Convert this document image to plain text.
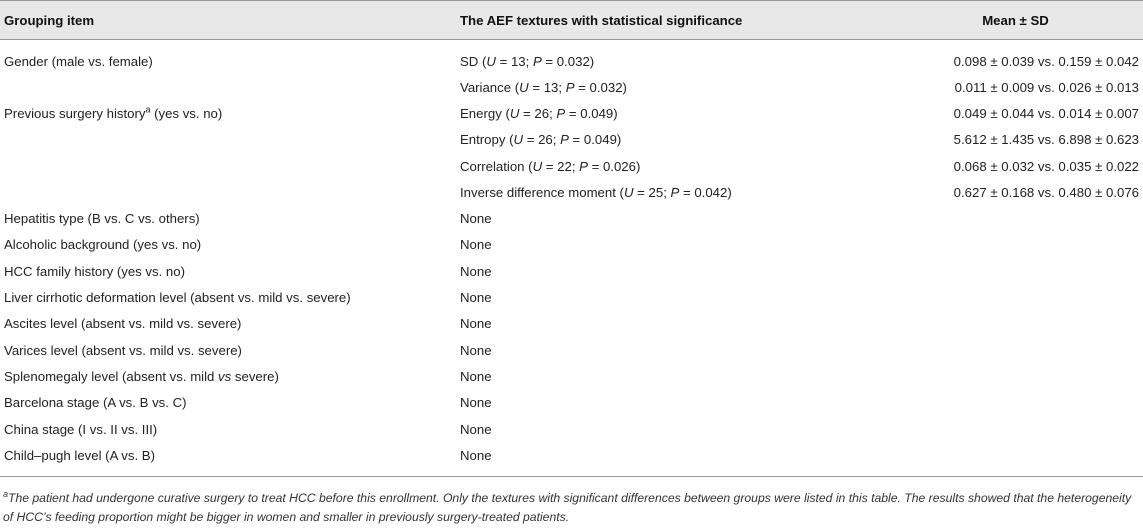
Grouping item	The AEF textures with statistical significance	Mean ± SD
Gender (male vs. female)	SD (U = 13; P = 0.032)	0.098 ± 0.039 vs. 0.159 ± 0.042
	Variance (U = 13; P = 0.032)	0.011 ± 0.009 vs. 0.026 ± 0.013
Previous surgery history$^a$ (yes vs. no)	Energy (U = 26; P = 0.049)	0.049 ± 0.044 vs. 0.014 ± 0.007
	Entropy (U = 26; P = 0.049)	5.612 ± 1.435 vs. 6.898 ± 0.623
	Correlation (U = 22; P = 0.026)	0.068 ± 0.032 vs. 0.035 ± 0.022
	Inverse difference moment (U = 25; P = 0.042)	0.627 ± 0.168 vs. 0.480 ± 0.076
Hepatitis type (B vs. C vs. others)	None	
Alcoholic background (yes vs. no)	None	
HCC family history (yes vs. no)	None	
Liver cirrhotic deformation level (absent vs. mild vs. severe)	None	
Ascites level (absent vs. mild vs. severe)	None	
Varices level (absent vs. mild vs. severe)	None	
Splenomegaly level (absent vs. mild vs severe)	None	
Barcelona stage (A vs. B vs. C)	None	
China stage (I vs. II vs. III)	None	
Child–pugh level (A vs. B)	None	
$^a$The patient had undergone curative surgery to treat HCC before this enrollment. Only the textures with significant differences between groups were listed in this table. The results showed that the heterogeneity of HCC’s feeding proportion might be bigger in women and smaller in previously surgery-treated patients.
